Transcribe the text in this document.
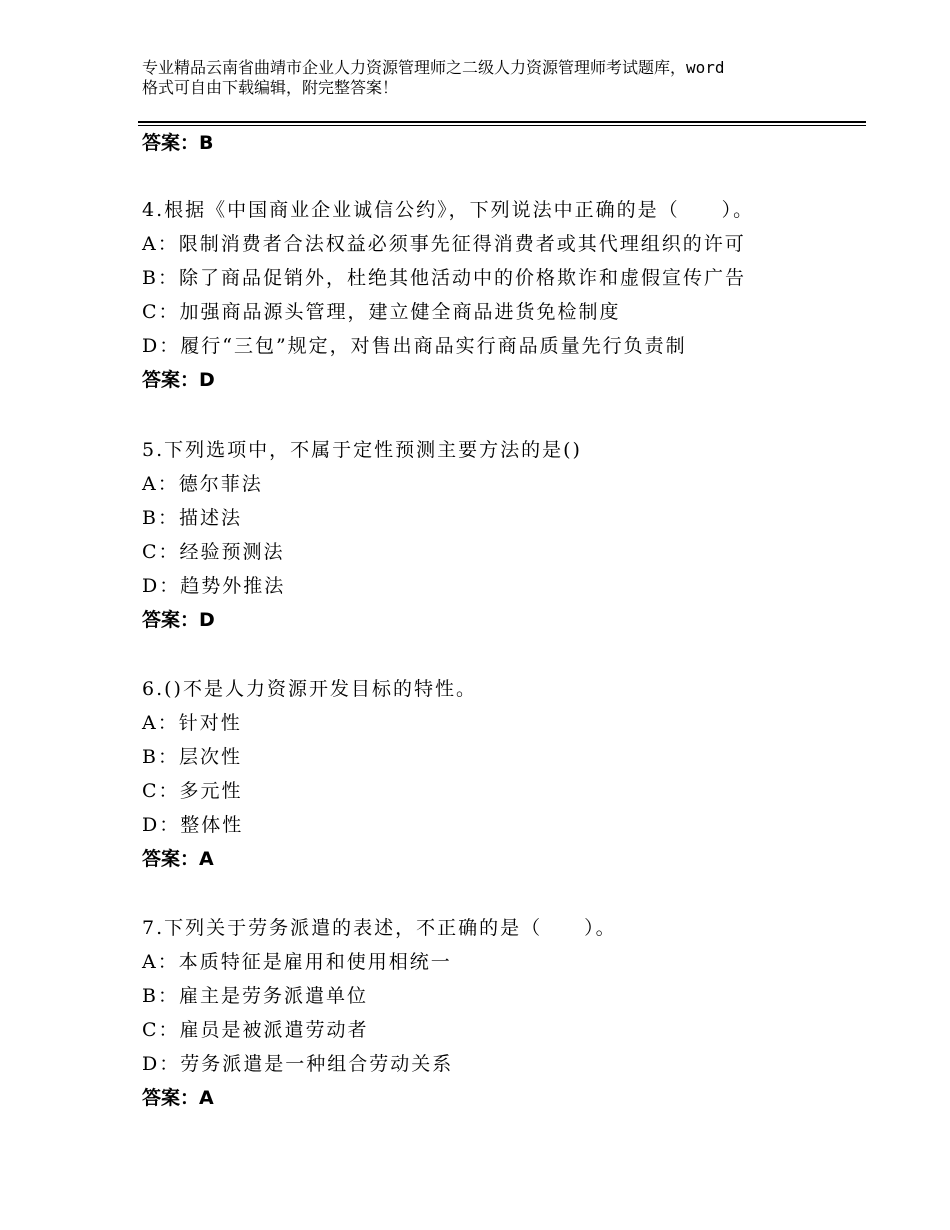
专业精品云南省曲靖市企业人力资源管理师之二级人力资源管理师考试题库，word
格式可自由下载编辑，附完整答案！
答案：B
4.根据《中国商业企业诚信公约》，下列说法中正确的是（　　）。
A：限制消费者合法权益必须事先征得消费者或其代理组织的许可
B：除了商品促销外，杜绝其他活动中的价格欺诈和虚假宣传广告
C：加强商品源头管理，建立健全商品进货免检制度
D：履行“三包”规定，对售出商品实行商品质量先行负责制
答案：D
5.下列选项中，不属于定性预测主要方法的是()
A：德尔菲法
B：描述法
C：经验预测法
D：趋势外推法
答案：D
6.()不是人力资源开发目标的特性。
A：针对性
B：层次性
C：多元性
D：整体性
答案：A
7.下列关于劳务派遣的表述，不正确的是（　　）。
A：本质特征是雇用和使用相统一
B：雇主是劳务派遣单位
C：雇员是被派遣劳动者
D：劳务派遣是一种组合劳动关系
答案：A
